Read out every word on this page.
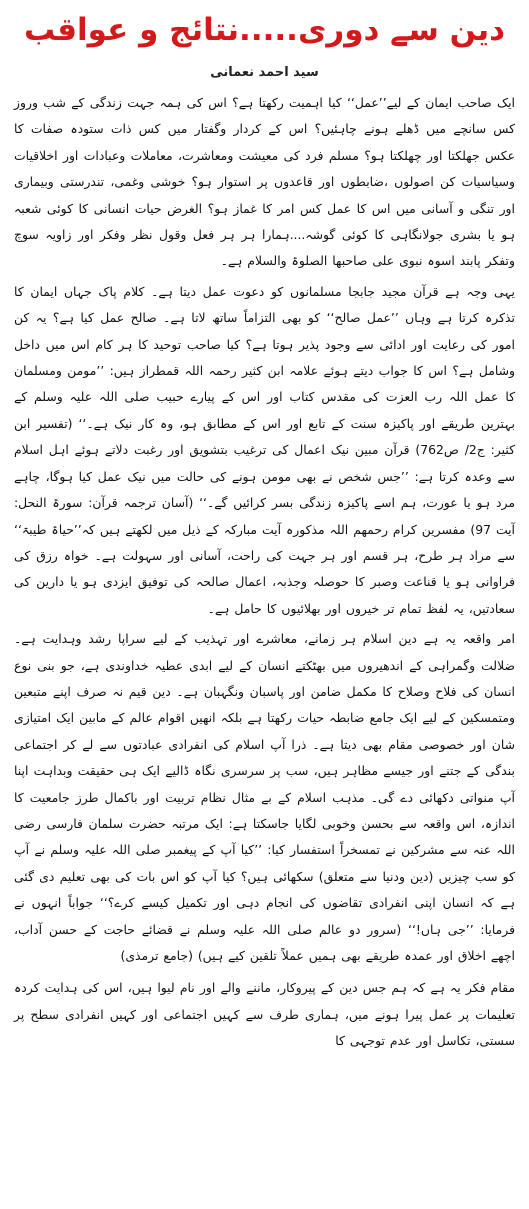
دین سے دوری.....نتائج و عواقب
سید احمد نعمانی

ایک صاحب ایمان کے لیے’’عمل‘‘ کیا اہمیت رکھتا ہے؟ اس کی ہمہ جہت زندگی کے شب وروز کس سانچے میں ڈھلے ہونے چاہئیں؟ اس کے کردار وگفتار میں کس ذات ستودہ صفات کا عکس جھلکتا اور چھلکتا ہو؟ مسلم فرد کی معیشت ومعاشرت، معاملات وعبادات اور اخلاقیات وسیاسیات کن اصولوں ،ضابطوں اور قاعدوں پر استوار ہو؟ خوشی وغمی، تندرستی وبیماری اور تنگی و آسانی میں اس کا عمل کس امر کا غماز ہو؟ الغرض حیات انسانی کا کوئی شعبہ ہو یا بشری جولانگاہی کا کوئی گوشہ....ہمارا ہر ہر فعل وقول نظر وفکر اور زاویہ سوچ وتفکر پابند اسوہ نبوی علی صاحبھا الصلوۃ والسلام ہے۔

یہی وجہ ہے قرآن مجید جابجا مسلمانوں کو دعوت عمل دیتا ہے۔ کلام پاک جہاں ایمان کا تذکرہ کرتا ہے وہاں ’’عمل صالح‘‘ کو بھی التزاماً ساتھ لاتا ہے۔ صالح عمل کیا ہے؟ یہ کن امور کی رعایت اور ادائی سے وجود پذیر ہوتا ہے؟ کیا صاحب توحید کا ہر کام اس میں داخل وشامل ہے؟ اس کا جواب دیتے ہوئے علامہ ابن کثیر رحمہ اللہ قمطراز ہیں: ’’مومن ومسلمان کا عمل اللہ رب العزت کی مقدس کتاب اور اس کے پیارے حبیب صلی اللہ علیہ وسلم کے بہترین طریقے اور پاکیزہ سنت کے تابع اور اس کے مطابق ہو، وہ کار نیک ہے۔‘‘ (تفسیر ابن کثیر: ج2/ ص762) قرآن مبین نیک اعمال کی ترغیب بتشویق اور رغبت دلاتے ہوئے اہل اسلام سے وعدہ کرتا ہے: ’’جس شخص نے بھی مومن ہونے کی حالت میں نیک عمل کیا ہوگا، چاہے مرد ہو یا عورت، ہم اسے پاکیزہ زندگی بسر کرائیں گے۔‘‘ (آسان ترجمہ قرآن: سورۃ النحل: آیت 97) مفسرین کرام رحمھم اللہ مذکورہ آیت مبارکہ کے ذیل میں لکھتے ہیں کہ’’حیاۃ طیبۃ‘‘ سے مراد ہر طرح، ہر قسم اور ہر جہت کی راحت، آسانی اور سہولت ہے۔ خواہ رزق کی فراوانی ہو یا قناعت وصبر کا حوصلہ وجذبہ، اعمال صالحہ کی توفیق ایزدی ہو یا دارین کی سعادتیں، یہ لفظ تمام تر خیروں اور بھلائیوں کا حامل ہے۔

امر واقعہ یہ ہے دین اسلام ہر زمانے، معاشرے اور تہذیب کے لیے سراپا رشد وہدایت ہے۔ ضلالت وگمراہی کے اندھیروں میں بھٹکتے انسان کے لیے ابدی عطیہ خداوندی ہے، جو بنی نوع انسان کی فلاح وصلاح کا مکمل ضامن اور پاسبان ونگہبان ہے۔ دین قیم نہ صرف اپنے متبعین ومتمسکین کے لیے ایک جامع ضابطہ حیات رکھتا ہے بلکہ انھیں اقوام عالم کے مابین ایک امتیازی شان اور خصوصی مقام بھی دیتا ہے۔ ذرا آپ اسلام کی انفرادی عبادتوں سے لے کر اجتماعی بندگی کے جتنے اور جیسے مظاہر ہیں، سب پر سرسری نگاہ ڈالیے ایک ہی حقیقت وبداہت اپنا آپ منواتی دکھائی دے گی۔ مذہب اسلام کے بے مثال نظام تربیت اور باکمال طرز جامعیت کا اندازہ، اس واقعہ سے بحسن وخوبی لگایا جاسکتا ہے: ایک مرتبہ حضرت سلمان فارسی رضی اللہ عنہ سے مشرکین نے تمسخراً استفسار کیا: ’’کیا آپ کے پیغمبر صلی اللہ علیہ وسلم نے آپ کو سب چیزیں (دین ودنیا سے متعلق) سکھائی ہیں؟ کیا آپ کو اس بات کی بھی تعلیم دی گئی ہے کہ انسان اپنی انفرادی تقاضوں کی انجام دہی اور تکمیل کیسے کرے؟‘‘ جواباً انہوں نے فرمایا: ’’جی ہاں!‘‘ (سرور دو عالم صلی اللہ علیہ وسلم نے قضائے حاجت کے حسن آداب، اچھے اخلاق اور عمدہ طریقے بھی ہمیں عملاً تلقین کیے ہیں) (جامع ترمذی)

مقام فکر یہ ہے کہ ہم جس دین کے پیروکار، ماننے والے اور نام لیوا ہیں، اس کی ہدایت کردہ تعلیمات پر عمل پیرا ہونے میں، ہماری طرف سے کہیں اجتماعی اور کہیں انفرادی سطح پر سستی، تکاسل اور عدم توجہی کا
